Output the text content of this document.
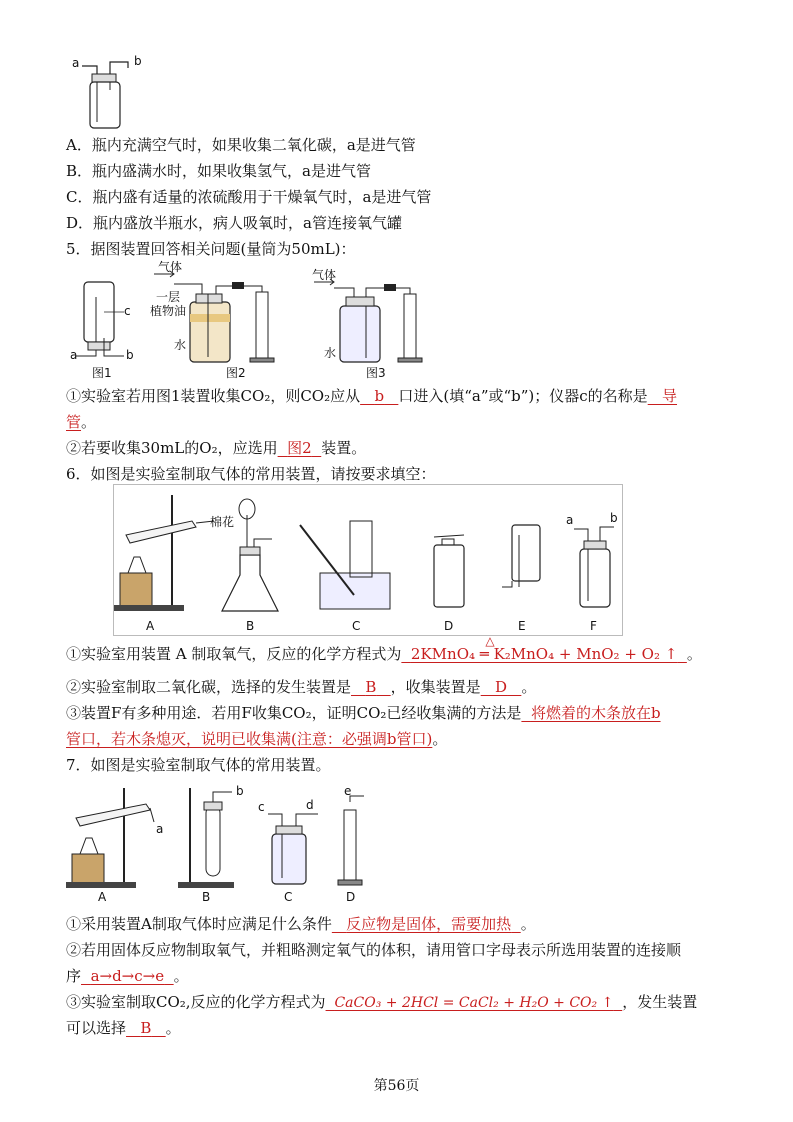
a	b
A．瓶内充满空气时，如果收集二氧化碳，a是进气管
B．瓶内盛满水时，如果收集氢气，a是进气管
C．瓶内盛有适量的浓硫酸用于干燥氧气时，a是进气管
D．瓶内盛放半瓶水，病人吸氧时，a管连接氧气罐
5．据图装置回答相关问题(量筒为50mL)：
c
a	b
图1
气体
一层
植物油
水
图2
气体
水
图3
①实验室若用图1装置收集CO₂，则CO₂应从 b 口进入(填“a”或“b”)；仪器c的名称是 导
管。
②若要收集30mL的O₂，应选用 图2 装置。
6．如图是实验室制取气体的常用装置，请按要求填空：
棉花
A	B	C	D	E	F
a	b
①实验室用装置 A 制取氧气，反应的化学方程式为 2KMnO₄ ═ K₂MnO₄ + MnO₂ + O₂ ↑
△
。
②实验室制取二氧化碳，选择的发生装置是 B ，收集装置是 D 。
③装置F有多种用途．若用F收集CO₂，证明CO₂已经收集满的方法是 将燃着的木条放在b
管口，若木条熄灭，说明已收集满(注意：必强调b管口)。
7．如图是实验室制取气体的常用装置。
a
b
c	d
e
A	B	C	D
①采用装置A制取气体时应满足什么条件 反应物是固体，需要加热 。
②若用固体反应物制取氧气，并粗略测定氧气的体积，请用管口字母表示所选用装置的连接顺
序 a→d→c→e 。
③实验室制取CO₂,反应的化学方程式为 CaCO₃ + 2HCl = CaCl₂ + H₂O + CO₂ ↑ ，发生装置
可以选择 B 。
第56页
